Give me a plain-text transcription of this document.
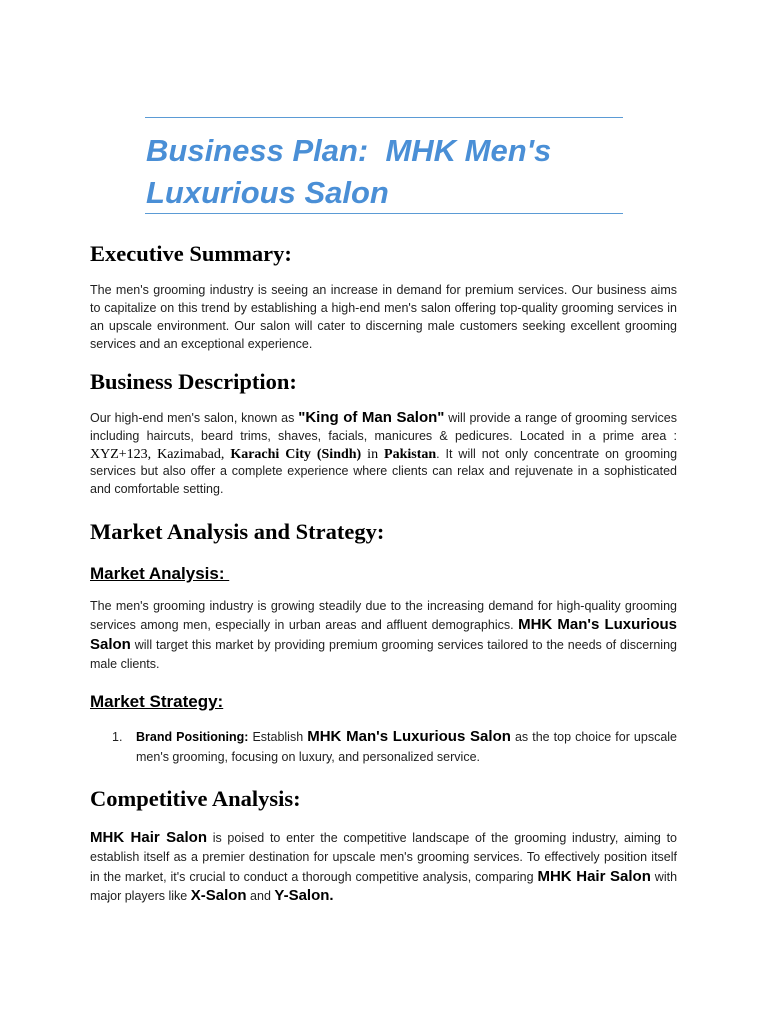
Business Plan:  MHK Men's Luxurious Salon
Executive Summary:

The men's grooming industry is seeing an increase in demand for premium services. Our business aims to capitalize on this trend by establishing a high-end men's salon offering top-quality grooming services in an upscale environment. Our salon will cater to discerning male customers seeking excellent grooming services and an exceptional experience.

Business Description:

Our high-end men's salon, known as "King of Man Salon" will provide a range of grooming services including haircuts, beard trims, shaves, facials, manicures & pedicures. Located in a prime area : XYZ+123, Kazimabad, Karachi City (Sindh) in Pakistan. It will not only concentrate on grooming services but also offer a complete experience where clients can relax and rejuvenate in a sophisticated and comfortable setting.

Market Analysis and Strategy:
Market Analysis:

The men's grooming industry is growing steadily due to the increasing demand for high-quality grooming services among men, especially in urban areas and affluent demographics. MHK Man's Luxurious Salon will target this market by providing premium grooming services tailored to the needs of discerning male clients.

Market Strategy:
1. Brand Positioning: Establish MHK Man's Luxurious Salon as the top choice for upscale men's grooming, focusing on luxury, and personalized service.

Competitive Analysis:

MHK Hair Salon is poised to enter the competitive landscape of the grooming industry, aiming to establish itself as a premier destination for upscale men's grooming services. To effectively position itself in the market, it's crucial to conduct a thorough competitive analysis, comparing MHK Hair Salon with major players like X-Salon and Y-Salon.
